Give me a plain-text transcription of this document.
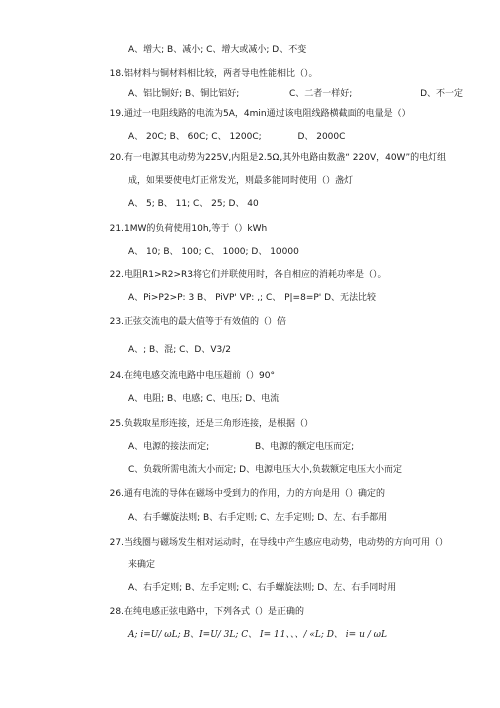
A、增大; B、减小; C、增大或减小; D、不变
18. 铝材料与铜材料相比较，两者导电性能相比（）。
A、铝比铜好; B、铜比铝好;	C、二者一样好;	D、不一定
19. 通过一电阻线路的电流为5A，4min通过该电阻线路横截面的电量是（）
A、 20C; B、 60C; C、 1200C;	D、 2000C
20. 有一电源其电动势为225V,内阻是2.5Ω,其外电路由数盏“ 220V，40W”的电灯组
成，如果要使电灯正常发光，则最多能同时使用（）盏灯
A、 5; B、 11; C、 25; D、 40
21. 1MW的负荷使用10h,等于（）kWh
A、 10; B、 100; C、 1000; D、 10000
22. 电阻R1>R2>R3将它们并联使用时，各自相应的消耗功率是（）。
A、Pi>P2>P: 3 B、 PiVP' VP: ,; C、 P|=8=P' D、无法比较
23. 正弦交流电的最大值等于有效值的（）倍
A、; B、混; C、D、V3/2
24. 在纯电感交流电路中电压超前（）90°
A、电阻; B、电感; C、电压; D、电流
25. 负载取星形连接，还是三角形连接，是根据（）
A、电源的接法而定;	B、电源的额定电压而定;
C、负载所需电流大小而定; D、电源电压大小,负载额定电压大小而定
26. 通有电流的导体在磁场中受到力的作用，力的方向是用（）确定的
A、右手螺旋法则; B、右手定则; C、左手定则; D、左、右手都用
27. 当线圈与磁场发生相对运动时，在导线中产生感应电动势，电动势的方向可用（）
来确定
A、右手定则; B、左手定则; C、右手螺旋法则; D、左、右手同时用
28. 在纯电感正弦电路中，下列各式（）是正确的
A; i=U/ ωL; B、I=U/ 3L; C、 I= 11、、、/ «L; D、 i= u / ωL
